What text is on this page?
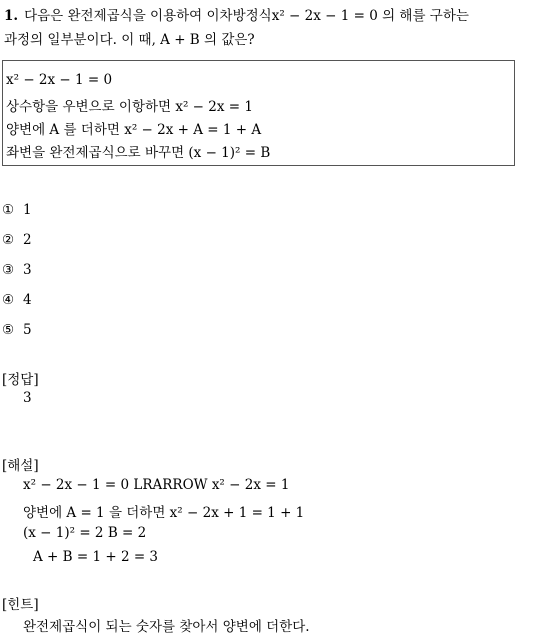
1. 다음은 완전제곱식을 이용하여 이차방정식x² − 2x − 1 = 0 의 해를 구하는
과정의 일부분이다. 이 때, A + B 의 값은?
x² − 2x − 1 = 0
상수항을 우변으로 이항하면 x² − 2x = 1
양변에 A 를 더하면 x² − 2x + A = 1 + A
좌변을 완전제곱식으로 바꾸면 (x − 1)² = B
① 1
② 2
③ 3
④ 4
⑤ 5
[정답]
3
[해설]
x² − 2x − 1 = 0 LRARROW x² − 2x = 1
양변에 A = 1 을 더하면 x² − 2x + 1 = 1 + 1
(x − 1)² = 2 B = 2
A + B = 1 + 2 = 3
[힌트]
완전제곱식이 되는 숫자를 찾아서 양변에 더한다.
